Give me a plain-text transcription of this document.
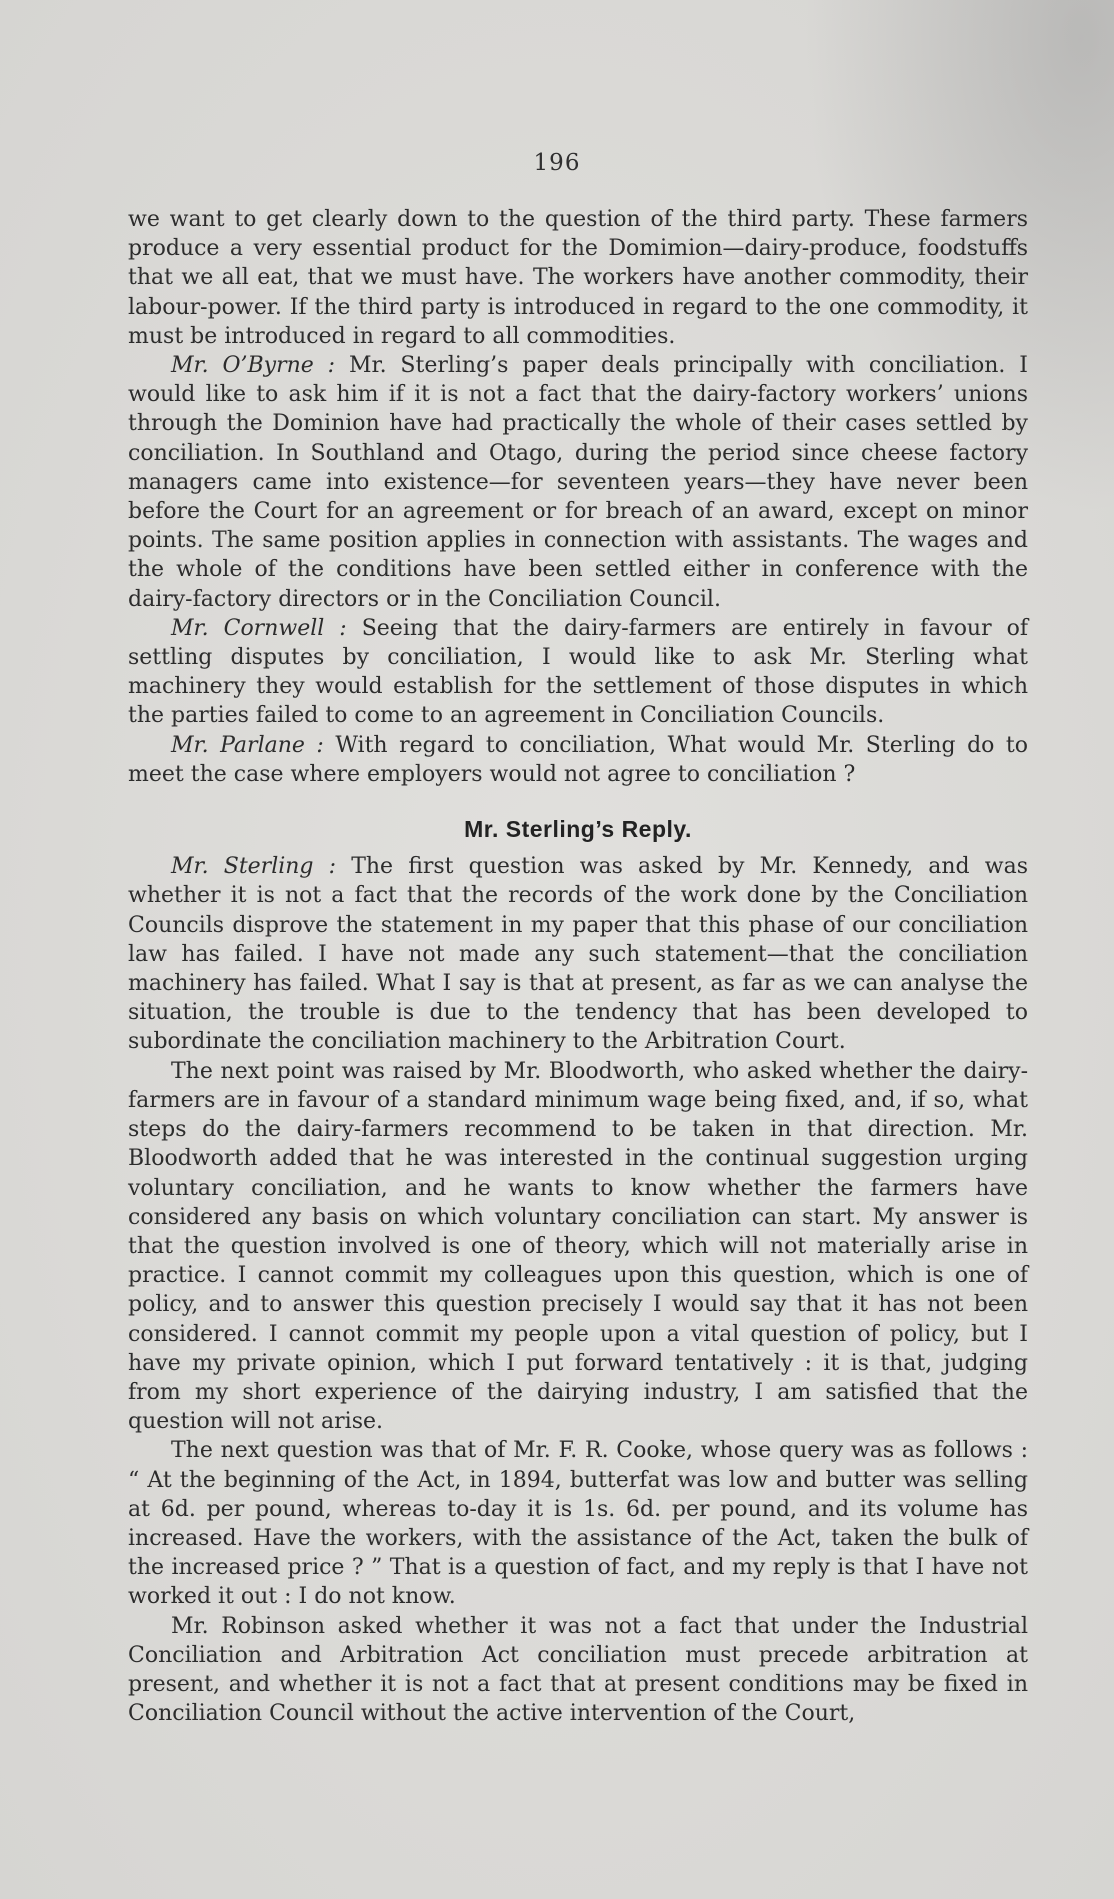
196

we want to get clearly down to the question of the third party. These farmers produce a very essential product for the Domimion—dairy-produce, foodstuffs that we all eat, that we must have. The workers have another commodity, their labour-power. If the third party is introduced in regard to the one commodity, it must be introduced in regard to all commodities.

Mr. O’Byrne : Mr. Sterling’s paper deals principally with conciliation. I would like to ask him if it is not a fact that the dairy-factory workers’ unions through the Dominion have had practically the whole of their cases settled by conciliation. In Southland and Otago, during the period since cheese factory managers came into existence—for seventeen years—they have never been before the Court for an agreement or for breach of an award, except on minor points. The same position applies in connection with assistants. The wages and the whole of the conditions have been settled either in conference with the dairy-factory directors or in the Conciliation Council.

Mr. Cornwell : Seeing that the dairy-farmers are entirely in favour of settling disputes by conciliation, I would like to ask Mr. Sterling what machinery they would establish for the settlement of those disputes in which the parties failed to come to an agreement in Conciliation Councils.

Mr. Parlane : With regard to conciliation, What would Mr. Sterling do to meet the case where employers would not agree to conciliation ?

Mr. Sterling’s Reply.

Mr. Sterling : The first question was asked by Mr. Kennedy, and was whether it is not a fact that the records of the work done by the Conciliation Councils disprove the statement in my paper that this phase of our conciliation law has failed. I have not made any such statement—that the conciliation machinery has failed. What I say is that at present, as far as we can analyse the situation, the trouble is due to the tendency that has been developed to subordinate the conciliation machinery to the Arbitration Court.

The next point was raised by Mr. Bloodworth, who asked whether the dairy-farmers are in favour of a standard minimum wage being fixed, and, if so, what steps do the dairy-farmers recommend to be taken in that direction. Mr. Bloodworth added that he was interested in the continual suggestion urging voluntary conciliation, and he wants to know whether the farmers have considered any basis on which voluntary conciliation can start. My answer is that the question involved is one of theory, which will not materially arise in practice. I cannot commit my colleagues upon this question, which is one of policy, and to answer this question precisely I would say that it has not been considered. I cannot commit my people upon a vital question of policy, but I have my private opinion, which I put forward tentatively : it is that, judging from my short experience of the dairying industry, I am satisfied that the question will not arise.

The next question was that of Mr. F. R. Cooke, whose query was as follows : “ At the beginning of the Act, in 1894, butterfat was low and butter was selling at 6d. per pound, whereas to-day it is 1s. 6d. per pound, and its volume has increased. Have the workers, with the assistance of the Act, taken the bulk of the increased price ? ” That is a question of fact, and my reply is that I have not worked it out : I do not know.

Mr. Robinson asked whether it was not a fact that under the Industrial Conciliation and Arbitration Act conciliation must precede arbitration at present, and whether it is not a fact that at present conditions may be fixed in Conciliation Council without the active intervention of the Court,
